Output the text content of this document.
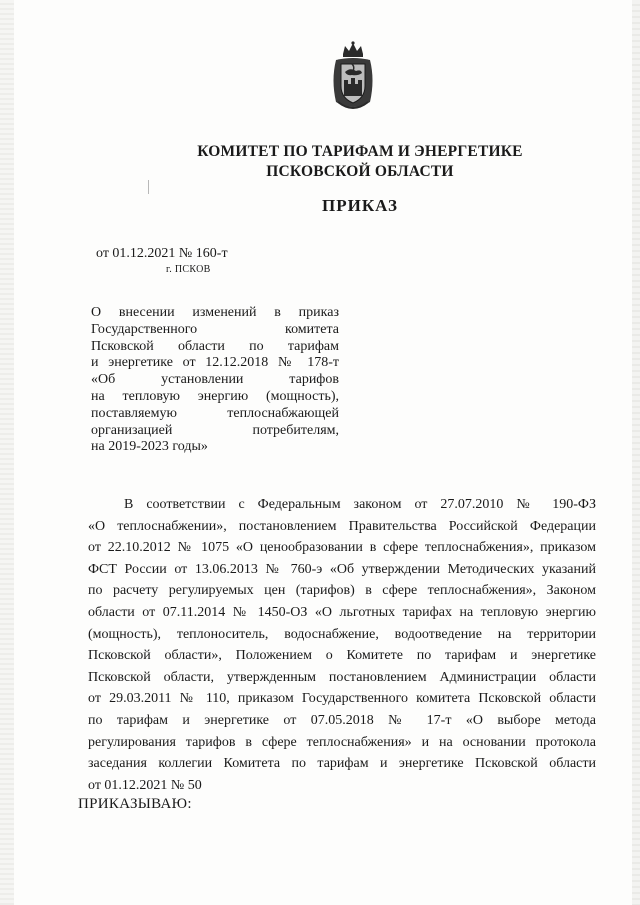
КОМИТЕТ ПО ТАРИФАМ И ЭНЕРГЕТИКЕ
ПСКОВСКОЙ ОБЛАСТИ
ПРИКАЗ
от 01.12.2021 № 160-т
г. ПСКОВ
О внесении изменений в приказ
Государственного комитета
Псковской области по тарифам
и энергетике от 12.12.2018 № 178-т
«Об установлении тарифов
на тепловую энергию (мощность),
поставляемую теплоснабжающей
организацией потребителям,
на 2019-2023 годы»
В соответствии с Федеральным законом от 27.07.2010 № 190-ФЗ
«О теплоснабжении», постановлением Правительства Российской Федерации
от 22.10.2012 № 1075 «О ценообразовании в сфере теплоснабжения», приказом
ФСТ России от 13.06.2013 № 760-э «Об утверждении Методических указаний
по расчету регулируемых цен (тарифов) в сфере теплоснабжения», Законом
области от 07.11.2014 № 1450-ОЗ «О льготных тарифах на тепловую энергию
(мощность), теплоноситель, водоснабжение, водоотведение на территории
Псковской области», Положением о Комитете по тарифам и энергетике
Псковской области, утвержденным постановлением Администрации области
от 29.03.2011 № 110, приказом Государственного комитета Псковской области
по тарифам и энергетике от 07.05.2018 № 17-т «О выборе метода
регулирования тарифов в сфере теплоснабжения» и на основании протокола
заседания коллегии Комитета по тарифам и энергетике Псковской области
от 01.12.2021 № 50
ПРИКАЗЫВАЮ:
